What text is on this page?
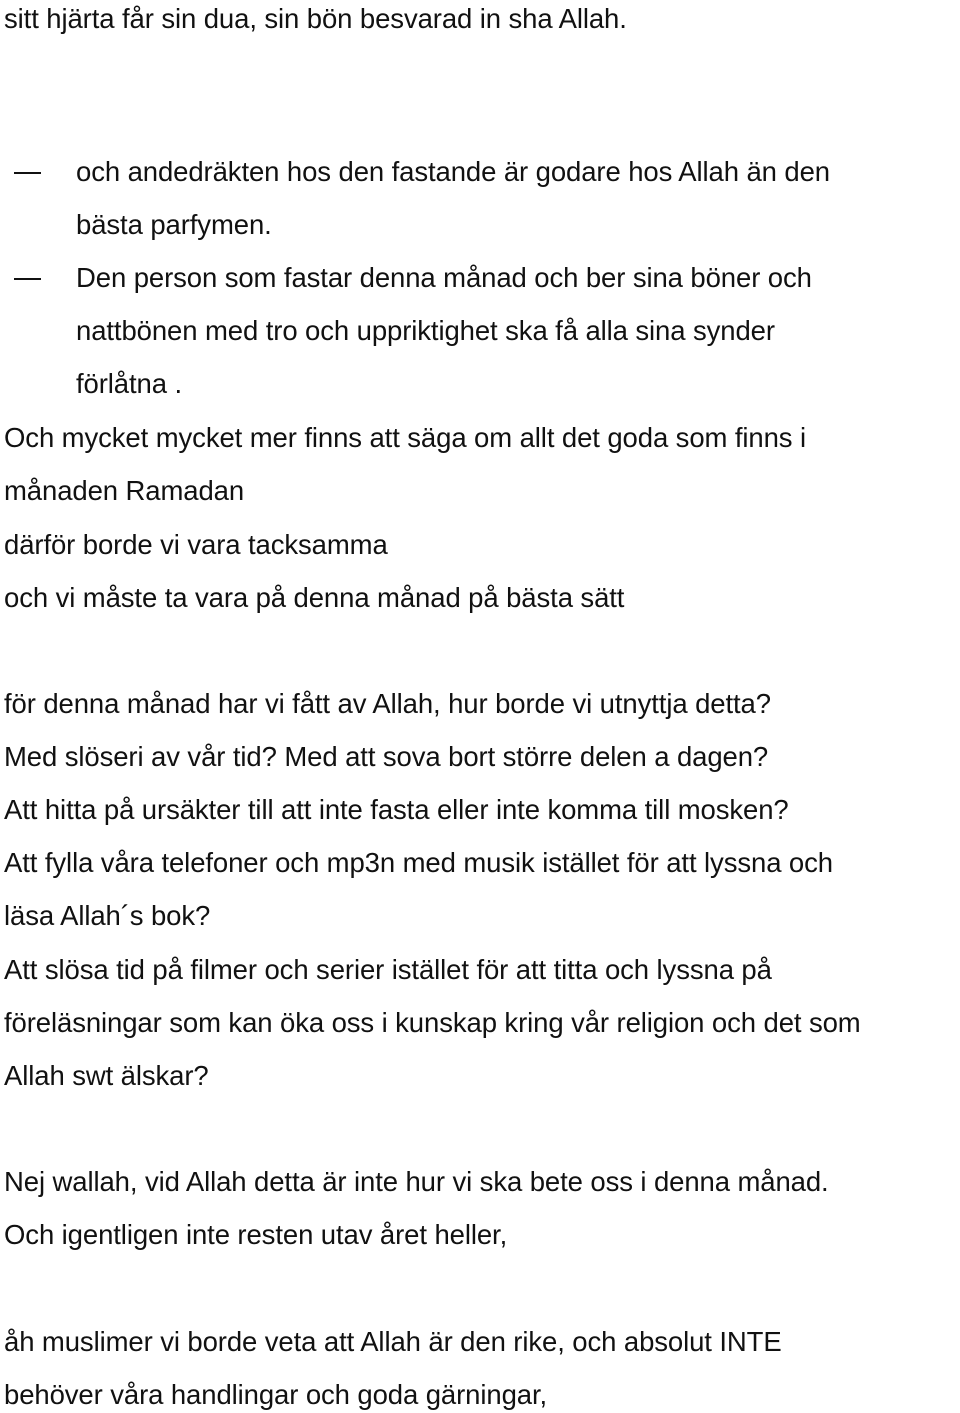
sitt hjärta får sin dua, sin bön besvarad in sha Allah.
och andedräkten hos den fastande är godare hos Allah än den
bästa parfymen.
Den person som fastar denna månad och ber sina böner och
nattbönen med tro och uppriktighet ska få alla sina synder
förlåtna .
Och mycket mycket mer finns att säga om allt det goda som finns i
månaden Ramadan
därför borde vi vara tacksamma
och vi måste ta vara på denna månad på bästa sätt
för denna månad har vi fått av Allah, hur borde vi utnyttja detta?
Med slöseri av vår tid? Med att sova bort större delen a dagen?
Att hitta på ursäkter till att inte fasta eller inte komma till mosken?
Att fylla våra telefoner och mp3n med musik istället för att lyssna och
läsa Allah´s bok?
Att slösa tid på filmer och serier istället för att titta och lyssna på
föreläsningar som kan öka oss i kunskap kring vår religion och det som
Allah swt älskar?
Nej wallah, vid Allah detta är inte hur vi ska bete oss i denna månad.
Och igentligen inte resten utav året heller,
åh muslimer vi borde veta att Allah är den rike, och absolut INTE
behöver våra handlingar och goda gärningar,
